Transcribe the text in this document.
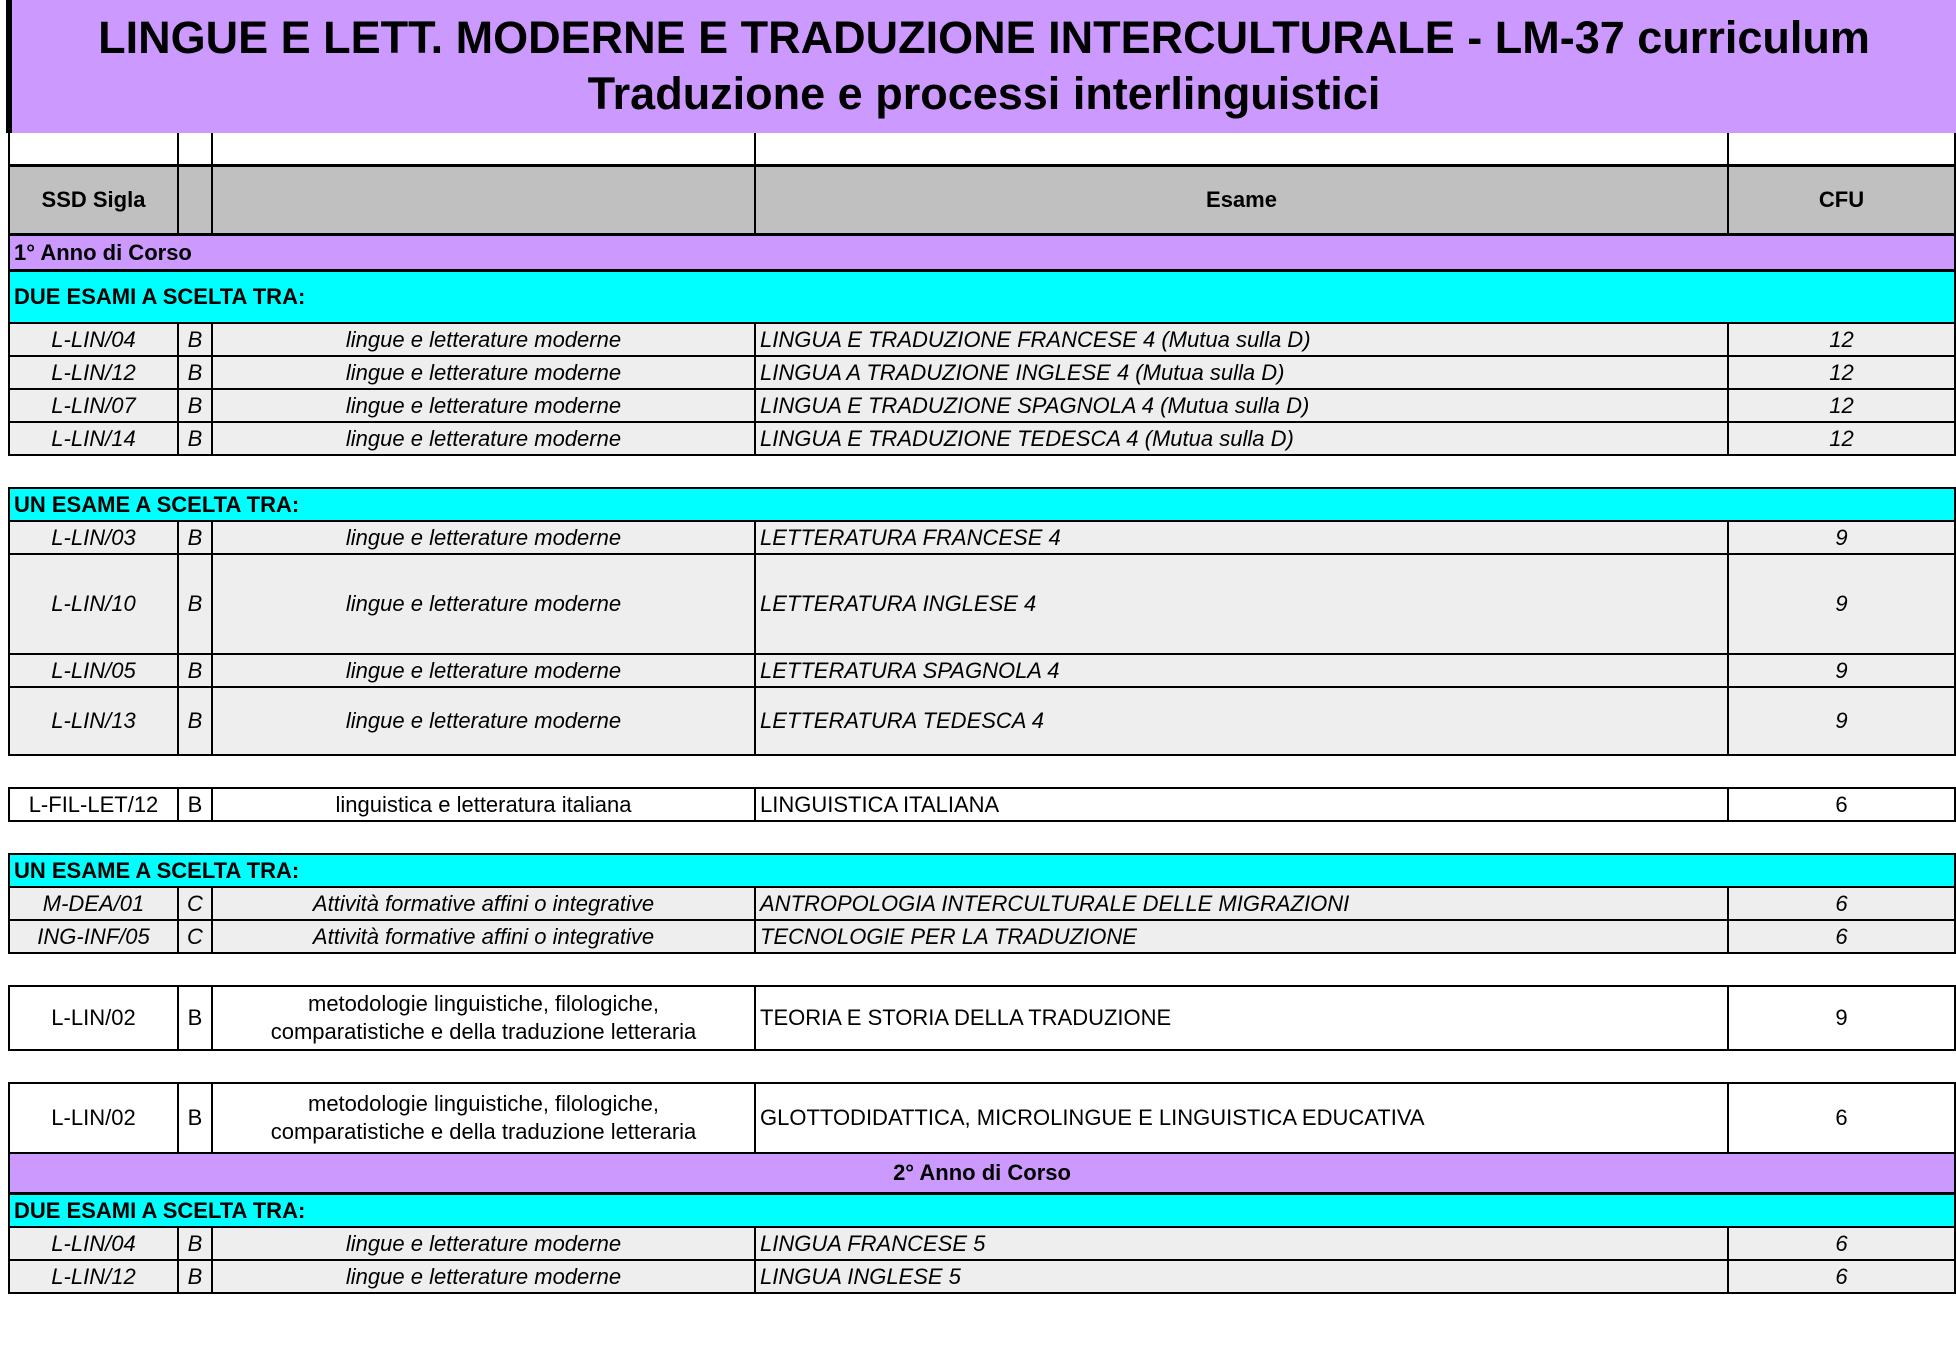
LINGUE E LETT. MODERNE E TRADUZIONE INTERCULTURALE - LM-37 curriculum
Traduzione e processi interlinguistici

SSD Sigla			Esame	CFU
1° Anno di Corso				
DUE ESAMI A SCELTA TRA:				
L-LIN/04	B	lingue e letterature moderne	LINGUA E TRADUZIONE FRANCESE 4 (Mutua sulla D)	12
L-LIN/12	B	lingue e letterature moderne	LINGUA A TRADUZIONE INGLESE 4 (Mutua sulla D)	12
L-LIN/07	B	lingue e letterature moderne	LINGUA E TRADUZIONE SPAGNOLA 4 (Mutua sulla D)	12
L-LIN/14	B	lingue e letterature moderne	LINGUA E TRADUZIONE TEDESCA 4 (Mutua sulla D)	12

UN ESAME A SCELTA TRA:				
L-LIN/03	B	lingue e letterature moderne	LETTERATURA FRANCESE 4	9
L-LIN/10	B	lingue e letterature moderne	LETTERATURA INGLESE 4	9
L-LIN/05	B	lingue e letterature moderne	LETTERATURA SPAGNOLA 4	9
L-LIN/13	B	lingue e letterature moderne	LETTERATURA TEDESCA 4	9

L-FIL-LET/12	B	linguistica e letteratura italiana	LINGUISTICA ITALIANA	6

UN ESAME A SCELTA TRA:				
M-DEA/01	C	Attività formative affini o integrative	ANTROPOLOGIA INTERCULTURALE DELLE MIGRAZIONI	6
ING-INF/05	C	Attività formative affini o integrative	TECNOLOGIE PER LA TRADUZIONE	6

L-LIN/02	B	metodologie linguistiche, filologiche,
comparatistiche e della traduzione letteraria	TEORIA E STORIA DELLA TRADUZIONE	9

L-LIN/02	B	metodologie linguistiche, filologiche,
comparatistiche e della traduzione letteraria	GLOTTODIDATTICA, MICROLINGUE E LINGUISTICA EDUCATIVA	6
2° Anno di Corso				
DUE ESAMI A SCELTA TRA:				
L-LIN/04	B	lingue e letterature moderne	LINGUA FRANCESE 5	6
L-LIN/12	B	lingue e letterature moderne	LINGUA INGLESE 5	6
